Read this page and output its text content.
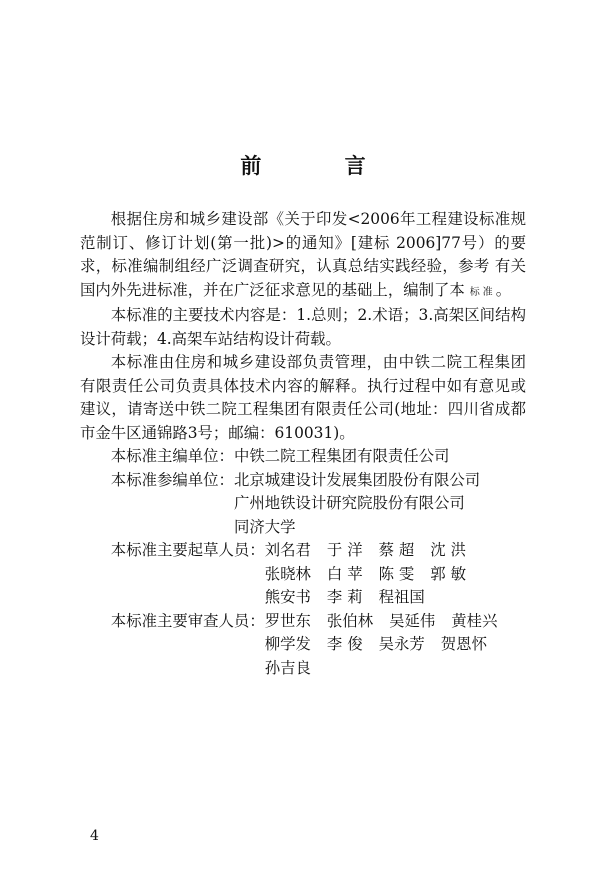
前 言

根据住房和城乡建设部《关于印发<2006年工程建设标准规范制订、修订计划(第一批)>的通知》[建标 2006]77号）的要求，标准编制组经广泛调查研究，认真总结实践经验，参考 有关国内外先进标准，并在广泛征求意见的基础上，编制了本 标准。

本标准的主要技术内容是：1.总则；2.术语；3.高架区间结构设计荷载；4.高架车站结构设计荷载。

本标准由住房和城乡建设部负责管理，由中铁二院工程集团有限责任公司负责具体技术内容的解释。执行过程中如有意见或建议，请寄送中铁二院工程集团有限责任公司(地址：四川省成都市金牛区通锦路3号；邮编：610031)。

本标准主编单位： 中铁二院工程集团有限责任公司
本标准参编单位： 北京城建设计发展集团股份有限公司
广州地铁设计研究院股份有限公司
同济大学
本标准主要起草人员： 刘名君 于 洋 蔡 超 沈 洪
张晓林 白 苹 陈 雯 郭 敏
熊安书 李 莉 程祖国
本标准主要审查人员： 罗世东 张伯林 吴延伟 黄桂兴
柳学发 李 俊 吴永芳 贺恩怀
孙吉良
4
